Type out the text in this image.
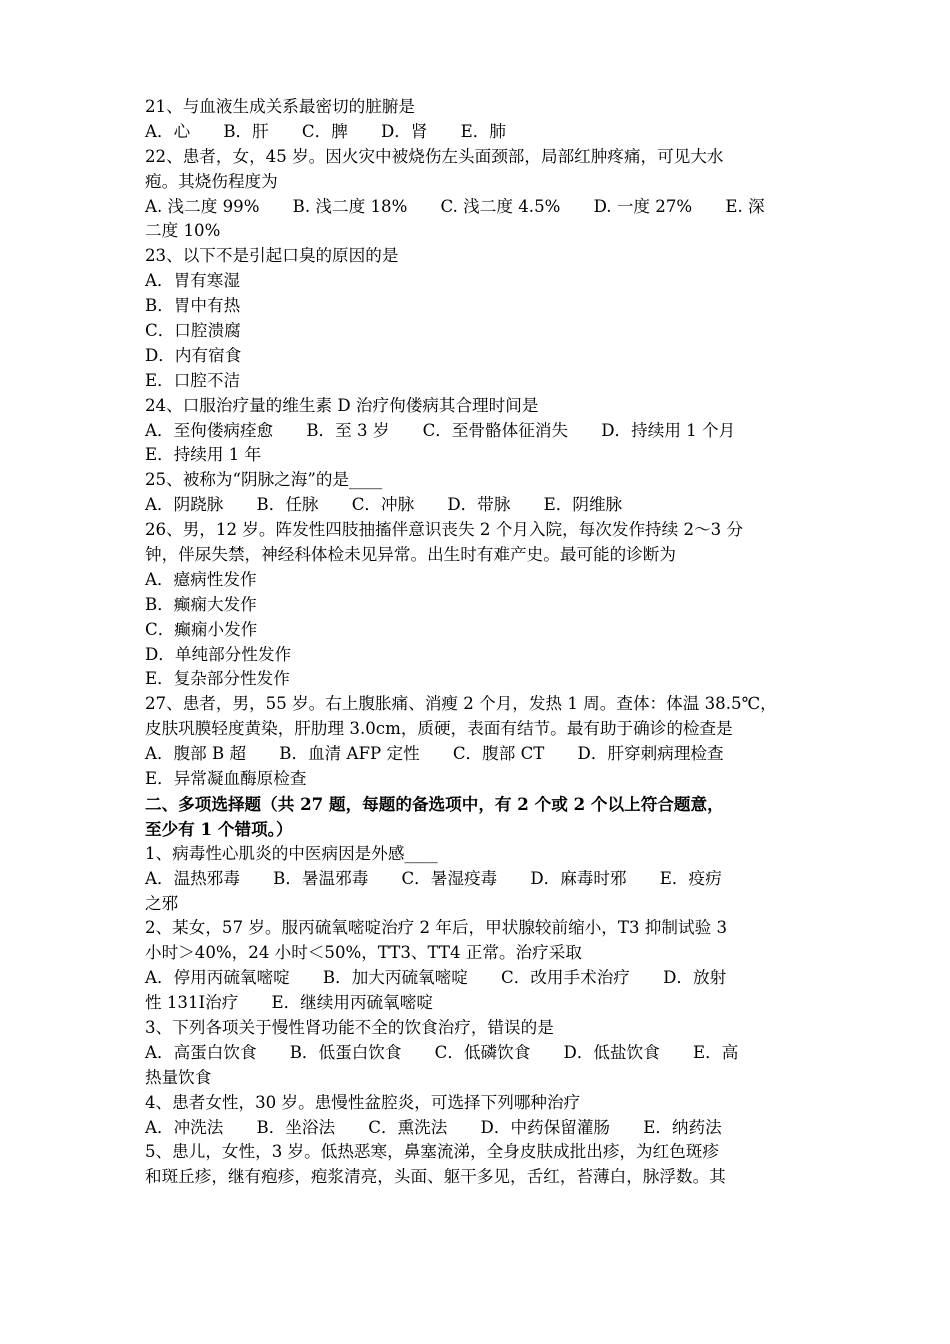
21、与血液生成关系最密切的脏腑是
A．心　　B．肝　　C．脾　　D．肾　　E．肺
22、患者，女，45 岁。因火灾中被烧伤左头面颈部，局部红肿疼痛，可见大水
疱。其烧伤程度为
A. 浅二度 99%　　B. 浅二度 18%　　C. 浅二度 4.5%　　D. 一度 27%　　E. 深
二度 10%
23、以下不是引起口臭的原因的是
A．胃有寒湿
B．胃中有热
C．口腔溃腐
D．内有宿食
E．口腔不洁
24、口服治疗量的维生素 D 治疗佝偻病其合理时间是
A．至佝偻病痊愈　　B．至 3 岁　　C．至骨骼体征消失　　D．持续用 1 个月
E．持续用 1 年
25、被称为“阴脉之海”的是____
A．阴跷脉　　B．任脉　　C．冲脉　　D．带脉　　E．阴维脉
26、男，12 岁。阵发性四肢抽搐伴意识丧失 2 个月入院，每次发作持续 2～3 分
钟，伴尿失禁，神经科体检未见异常。出生时有难产史。最可能的诊断为
A．癔病性发作
B．癫痫大发作
C．癫痫小发作
D．单纯部分性发作
E．复杂部分性发作
27、患者，男，55 岁。右上腹胀痛、消瘦 2 个月，发热 1 周。查体：体温 38.5℃，
皮肤巩膜轻度黄染，肝肋理 3.0cm，质硬，表面有结节。最有助于确诊的检查是
A．腹部 B 超　　B．血清 AFP 定性　　C．腹部 CT　　D．肝穿刺病理检查
E．异常凝血酶原检查
二、多项选择题（共 27 题，每题的备选项中，有 2 个或 2 个以上符合题意，
至少有 1 个错项。）
1、病毒性心肌炎的中医病因是外感____
A．温热邪毒　　B．暑温邪毒　　C．暑湿疫毒　　D．麻毒时邪　　E．疫疠
之邪
2、某女，57 岁。服丙硫氧嘧啶治疗 2 年后，甲状腺较前缩小，T3 抑制试验 3
小时＞40%，24 小时＜50%，TT3、TT4 正常。治疗采取
A．停用丙硫氧嘧啶　　B．加大丙硫氧嘧啶　　C．改用手术治疗　　D．放射
性 131Ⅰ治疗　　E．继续用丙硫氧嘧啶
3、下列各项关于慢性肾功能不全的饮食治疗，错误的是
A．高蛋白饮食　　B．低蛋白饮食　　C．低磷饮食　　D．低盐饮食　　E．高
热量饮食
4、患者女性，30 岁。患慢性盆腔炎，可选择下列哪种治疗
A．冲洗法　　B．坐浴法　　C．熏洗法　　D．中药保留灌肠　　E．纳药法
5、患儿，女性，3 岁。低热恶寒，鼻塞流涕，全身皮肤成批出疹，为红色斑疹
和斑丘疹，继有疱疹，疱浆清亮，头面、躯干多见，舌红，苔薄白，脉浮数。其
